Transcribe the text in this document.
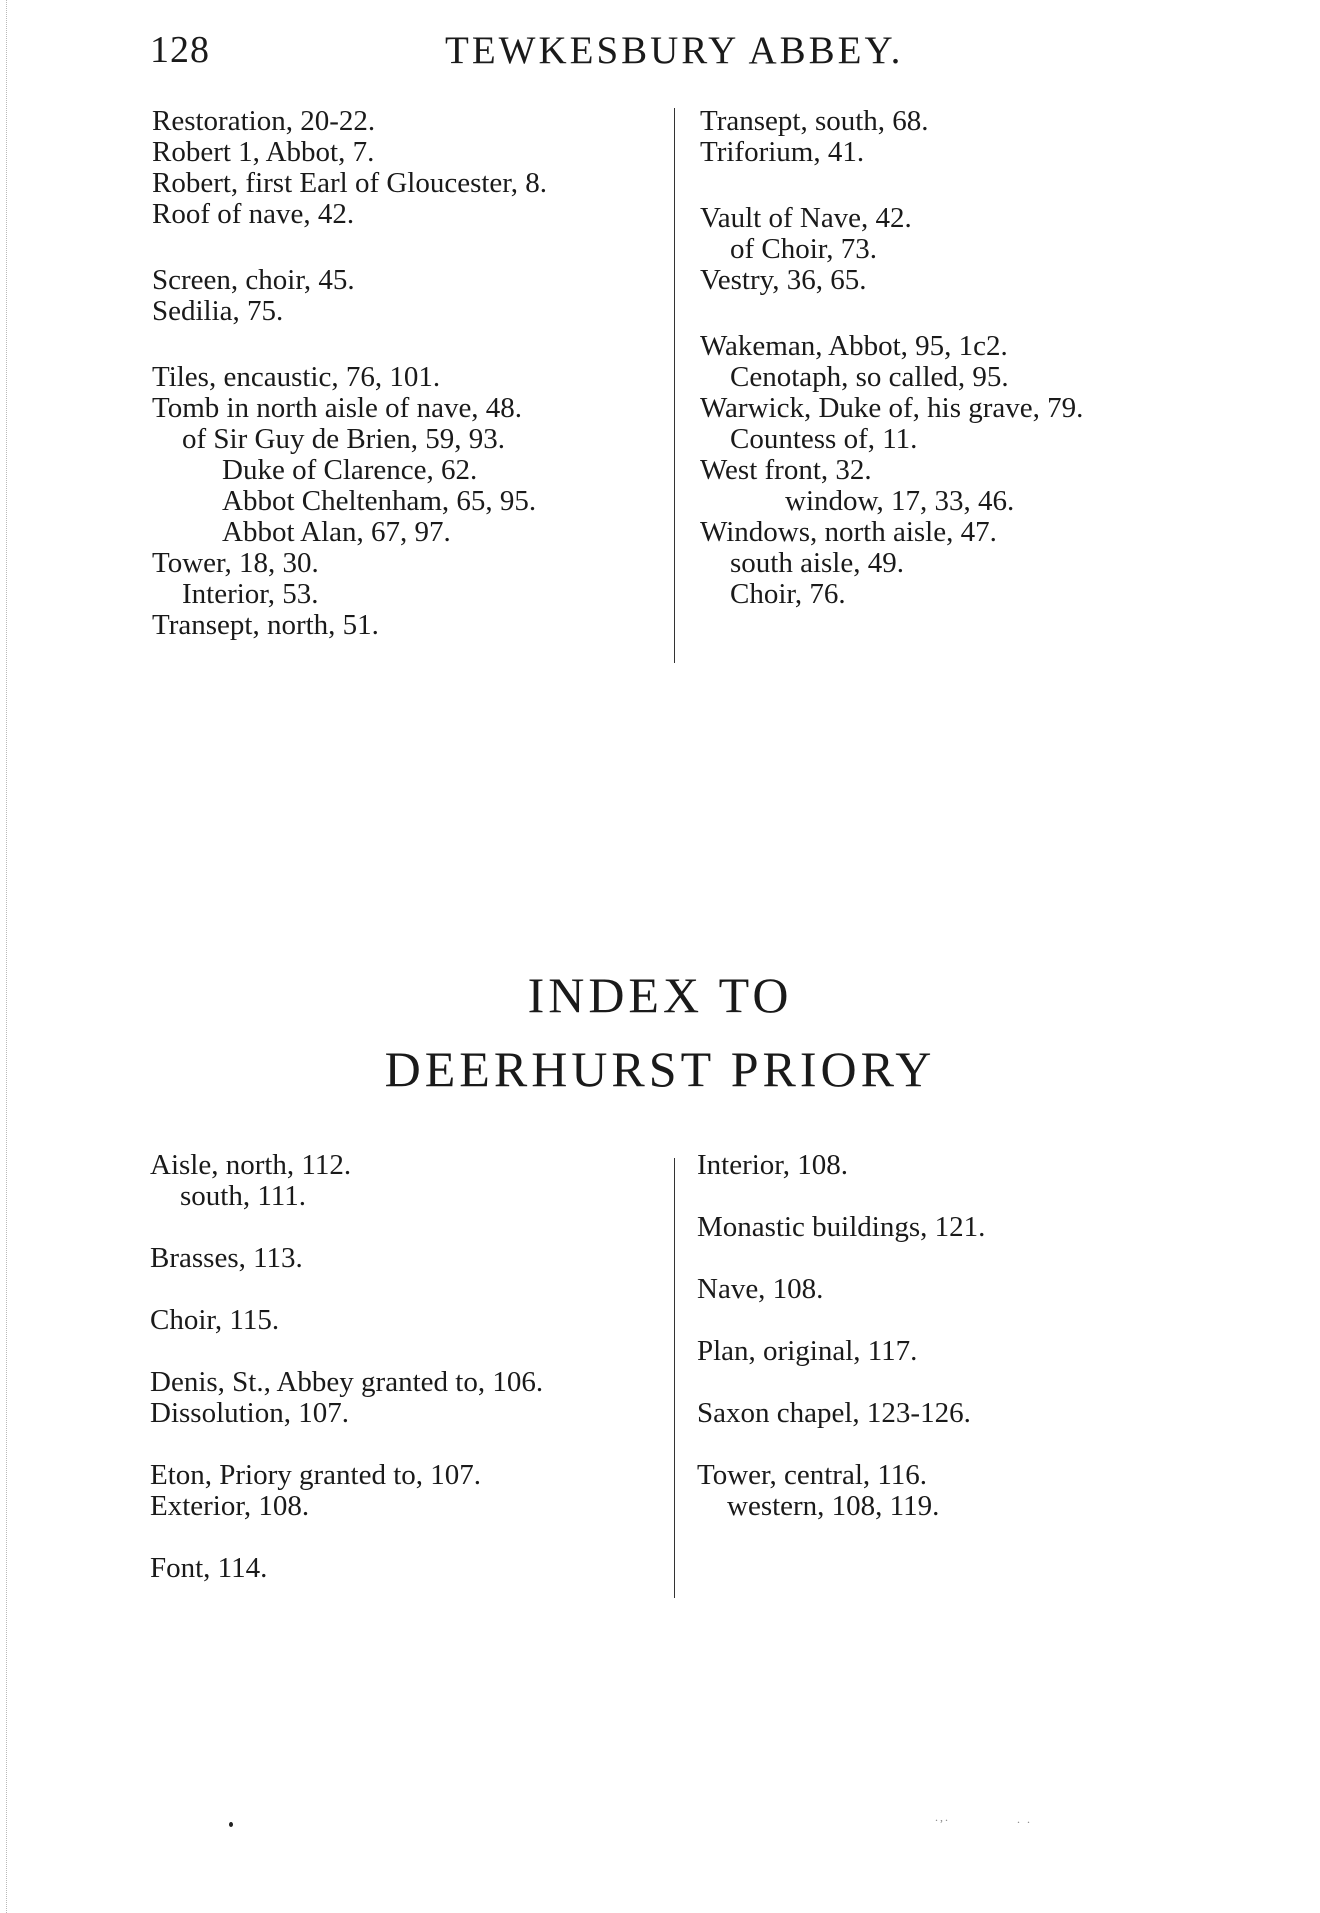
128	TEWKESBURY ABBEY.
Restoration, 20-22.
Robert 1, Abbot, 7.
Robert, first Earl of Gloucester, 8.
Roof of nave, 42.
Screen, choir, 45.
Sedilia, 75.
Tiles, encaustic, 76, 101.
Tomb in north aisle of nave, 48.
of Sir Guy de Brien, 59, 93.
Duke of Clarence, 62.
Abbot Cheltenham, 65, 95.
Abbot Alan, 67, 97.
Tower, 18, 30.
Interior, 53.
Transept, north, 51.
Transept, south, 68.
Triforium, 41.
Vault of Nave, 42.
of Choir, 73.
Vestry, 36, 65.
Wakeman, Abbot, 95, 1c2.
Cenotaph, so called, 95.
Warwick, Duke of, his grave, 79.
Countess of, 11.
West front, 32.
window, 17, 33, 46.
Windows, north aisle, 47.
south aisle, 49.
Choir, 76.
INDEX TO
DEERHURST PRIORY
Aisle, north, 112.
south, 111.
Brasses, 113.
Choir, 115.
Denis, St., Abbey granted to, 106.
Dissolution, 107.
Eton, Priory granted to, 107.
Exterior, 108.
Font, 114.
Interior, 108.
Monastic buildings, 121.
Nave, 108.
Plan, original, 117.
Saxon chapel, 123-126.
Tower, central, 116.
western, 108, 119.
.,.	. .
